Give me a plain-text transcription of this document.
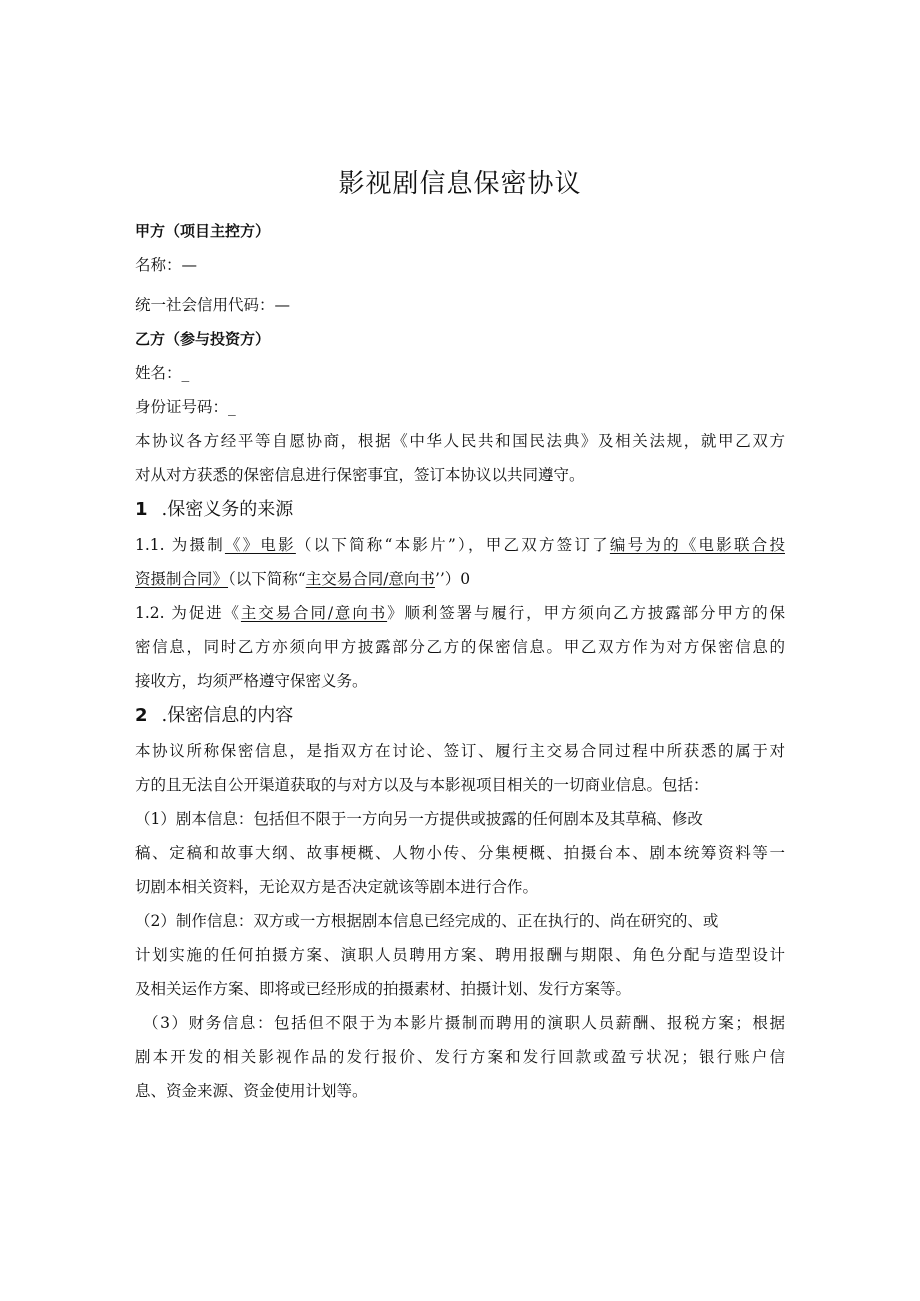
影视剧信息保密协议

甲方（项目主控方）

名称：—

统一社会信用代码：—

乙方（参与投资方）

姓名：_

身份证号码：_

本协议各方经平等自愿协商，根据《中华人民共和国民法典》及相关法规，就甲乙双方

对从对方获悉的保密信息进行保密事宜，签订本协议以共同遵守。

1 .保密义务的来源

1.1. 为摄制《》电影（以下简称“本影片”），甲乙双方签订了编号为的《电影联合投

资摄制合同》（以下简称“主交易合同/意向书’’）0

1.2. 为促进《主交易合同/意向书》顺利签署与履行，甲方须向乙方披露部分甲方的保

密信息，同时乙方亦须向甲方披露部分乙方的保密信息。甲乙双方作为对方保密信息的

接收方，均须严格遵守保密义务。

2 .保密信息的内容

本协议所称保密信息，是指双方在讨论、签订、履行主交易合同过程中所获悉的属于对

方的且无法自公开渠道获取的与对方以及与本影视项目相关的一切商业信息。包括：

（1）剧本信息：包括但不限于一方向另一方提供或披露的任何剧本及其草稿、修改

稿、定稿和故事大纲、故事梗概、人物小传、分集梗概、拍摄台本、剧本统筹资料等一

切剧本相关资料，无论双方是否决定就该等剧本进行合作。

（2）制作信息：双方或一方根据剧本信息已经完成的、正在执行的、尚在研究的、或

计划实施的任何拍摄方案、演职人员聘用方案、聘用报酬与期限、角色分配与造型设计

及相关运作方案、即将或已经形成的拍摄素材、拍摄计划、发行方案等。

（3）财务信息：包括但不限于为本影片摄制而聘用的演职人员薪酬、报税方案；根据

剧本开发的相关影视作品的发行报价、发行方案和发行回款或盈亏状况；银行账户信

息、资金来源、资金使用计划等。
